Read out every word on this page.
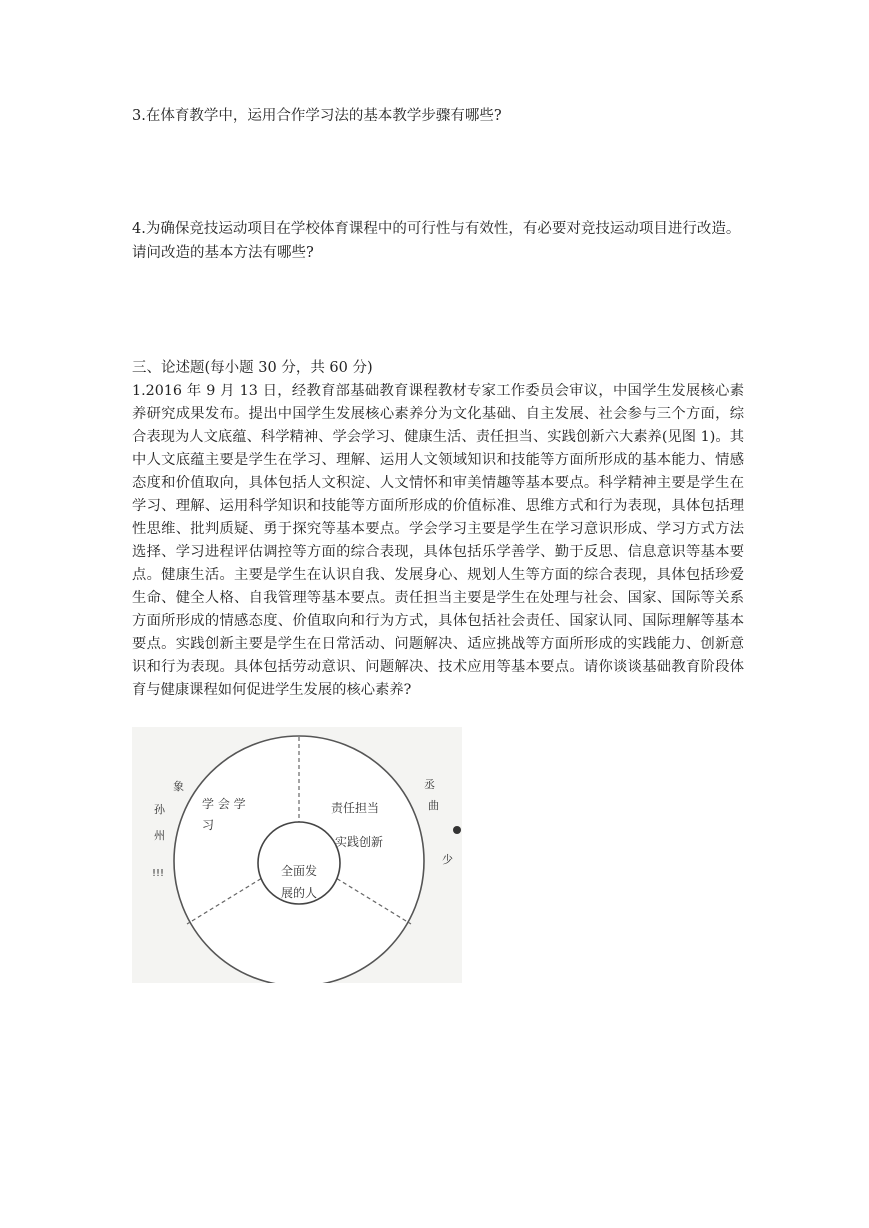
3.在体育教学中，运用合作学习法的基本教学步骤有哪些?

4.为确保竞技运动项目在学校体育课程中的可行性与有效性，有必要对竞技运动项目进行改造。请问改造的基本方法有哪些?

三、论述题(每小题 30 分，共 60 分)

1.2016 年 9 月 13 日，经教育部基础教育课程教材专家工作委员会审议，中国学生发展核心素养研究成果发布。提出中国学生发展核心素养分为文化基础、自主发展、社会参与三个方面，综合表现为人文底蕴、科学精神、学会学习、健康生活、责任担当、实践创新六大素养(见图 1)。其中人文底蕴主要是学生在学习、理解、运用人文领域知识和技能等方面所形成的基本能力、情感态度和价值取向，具体包括人文积淀、人文情怀和审美情趣等基本要点。科学精神主要是学生在学习、理解、运用科学知识和技能等方面所形成的价值标准、思维方式和行为表现，具体包括理性思维、批判质疑、勇于探究等基本要点。学会学习主要是学生在学习意识形成、学习方式方法选择、学习进程评估调控等方面的综合表现，具体包括乐学善学、勤于反思、信息意识等基本要点。健康生活。主要是学生在认识自我、发展身心、规划人生等方面的综合表现，具体包括珍爱生命、健全人格、自我管理等基本要点。责任担当主要是学生在处理与社会、国家、国际等关系方面所形成的情感态度、价值取向和行为方式，具体包括社会责任、国家认同、国际理解等基本要点。实践创新主要是学生在日常活动、问题解决、适应挑战等方面所形成的实践能力、创新意识和行为表现。具体包括劳动意识、问题解决、技术应用等基本要点。请你谈谈基础教育阶段体育与健康课程如何促进学生发展的核心素养?

全面发
展的人
学 会 学
习
责任担当
实践创新
象
孙
州
!!!
丞
曲
少
